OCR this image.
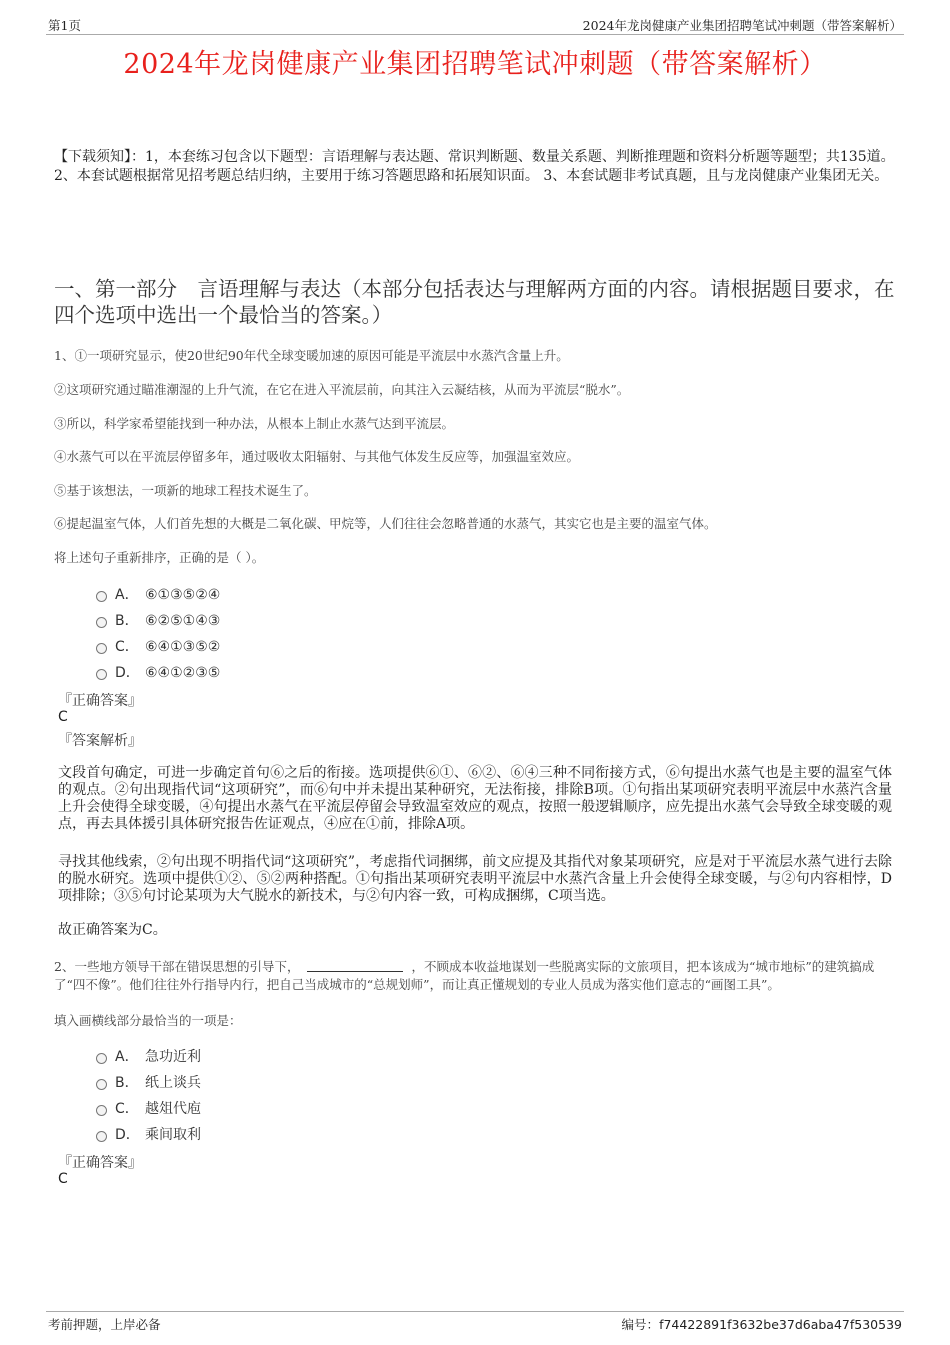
第1页	2024年龙岗健康产业集团招聘笔试冲刺题（带答案解析）
2024年龙岗健康产业集团招聘笔试冲刺题（带答案解析）
【下载须知】：1，本套练习包含以下题型：言语理解与表达题、常识判断题、数量关系题、判断推理题和资料分析题等题型；共135道。 2、本套试题根据常见招考题总结归纳，主要用于练习答题思路和拓展知识面。 3、本套试题非考试真题，且与龙岗健康产业集团无关。
一、第一部分　言语理解与表达（本部分包括表达与理解两方面的内容。请根据题目要求，在四个选项中选出一个最恰当的答案。）
1、①一项研究显示，使20世纪90年代全球变暖加速的原因可能是平流层中水蒸汽含量上升。
②这项研究通过瞄准潮湿的上升气流，在它在进入平流层前，向其注入云凝结核，从而为平流层“脱水”。
③所以，科学家希望能找到一种办法，从根本上制止水蒸气达到平流层。
④水蒸气可以在平流层停留多年，通过吸收太阳辐射、与其他气体发生反应等，加强温室效应。
⑤基于该想法，一项新的地球工程技术诞生了。
⑥提起温室气体，人们首先想的大概是二氧化碳、甲烷等，人们往往会忽略普通的水蒸气，其实它也是主要的温室气体。
将上述句子重新排序，正确的是（ ）。
A． ⑥①③⑤②④
B． ⑥②⑤①④③
C． ⑥④①③⑤②
D． ⑥④①②③⑤
『正确答案』
C
『答案解析』
文段首句确定，可进一步确定首句⑥之后的衔接。选项提供⑥①、⑥②、⑥④三种不同衔接方式，⑥句提出水蒸气也是主要的温室气体的观点。②句出现指代词“这项研究”，而⑥句中并未提出某种研究，无法衔接，排除B项。①句指出某项研究表明平流层中水蒸汽含量上升会使得全球变暖，④句提出水蒸气在平流层停留会导致温室效应的观点，按照一般逻辑顺序，应先提出水蒸气会导致全球变暖的观点，再去具体援引具体研究报告佐证观点，④应在①前，排除A项。
寻找其他线索，②句出现不明指代词“这项研究”，考虑指代词捆绑，前文应提及其指代对象某项研究，应是对于平流层水蒸气进行去除的脱水研究。选项中提供①②、⑤②两种搭配。①句指出某项研究表明平流层中水蒸汽含量上升会使得全球变暖，与②句内容相悖，D项排除；③⑤句讨论某项为大气脱水的新技术，与②句内容一致，可构成捆绑，C项当选。
故正确答案为C。
2、一些地方领导干部在错误思想的引导下，	，不顾成本收益地谋划一些脱离实际的文旅项目，把本该成为“城市地标”的建筑搞成了“四不像”。他们往往外行指导内行，把自己当成城市的“总规划师”，而让真正懂规划的专业人员成为落实他们意志的“画图工具”。
填入画横线部分最恰当的一项是：
A． 急功近利
B． 纸上谈兵
C． 越俎代庖
D． 乘间取利
『正确答案』
C
考前押题，上岸必备	编号：f74422891f3632be37d6aba47f530539
